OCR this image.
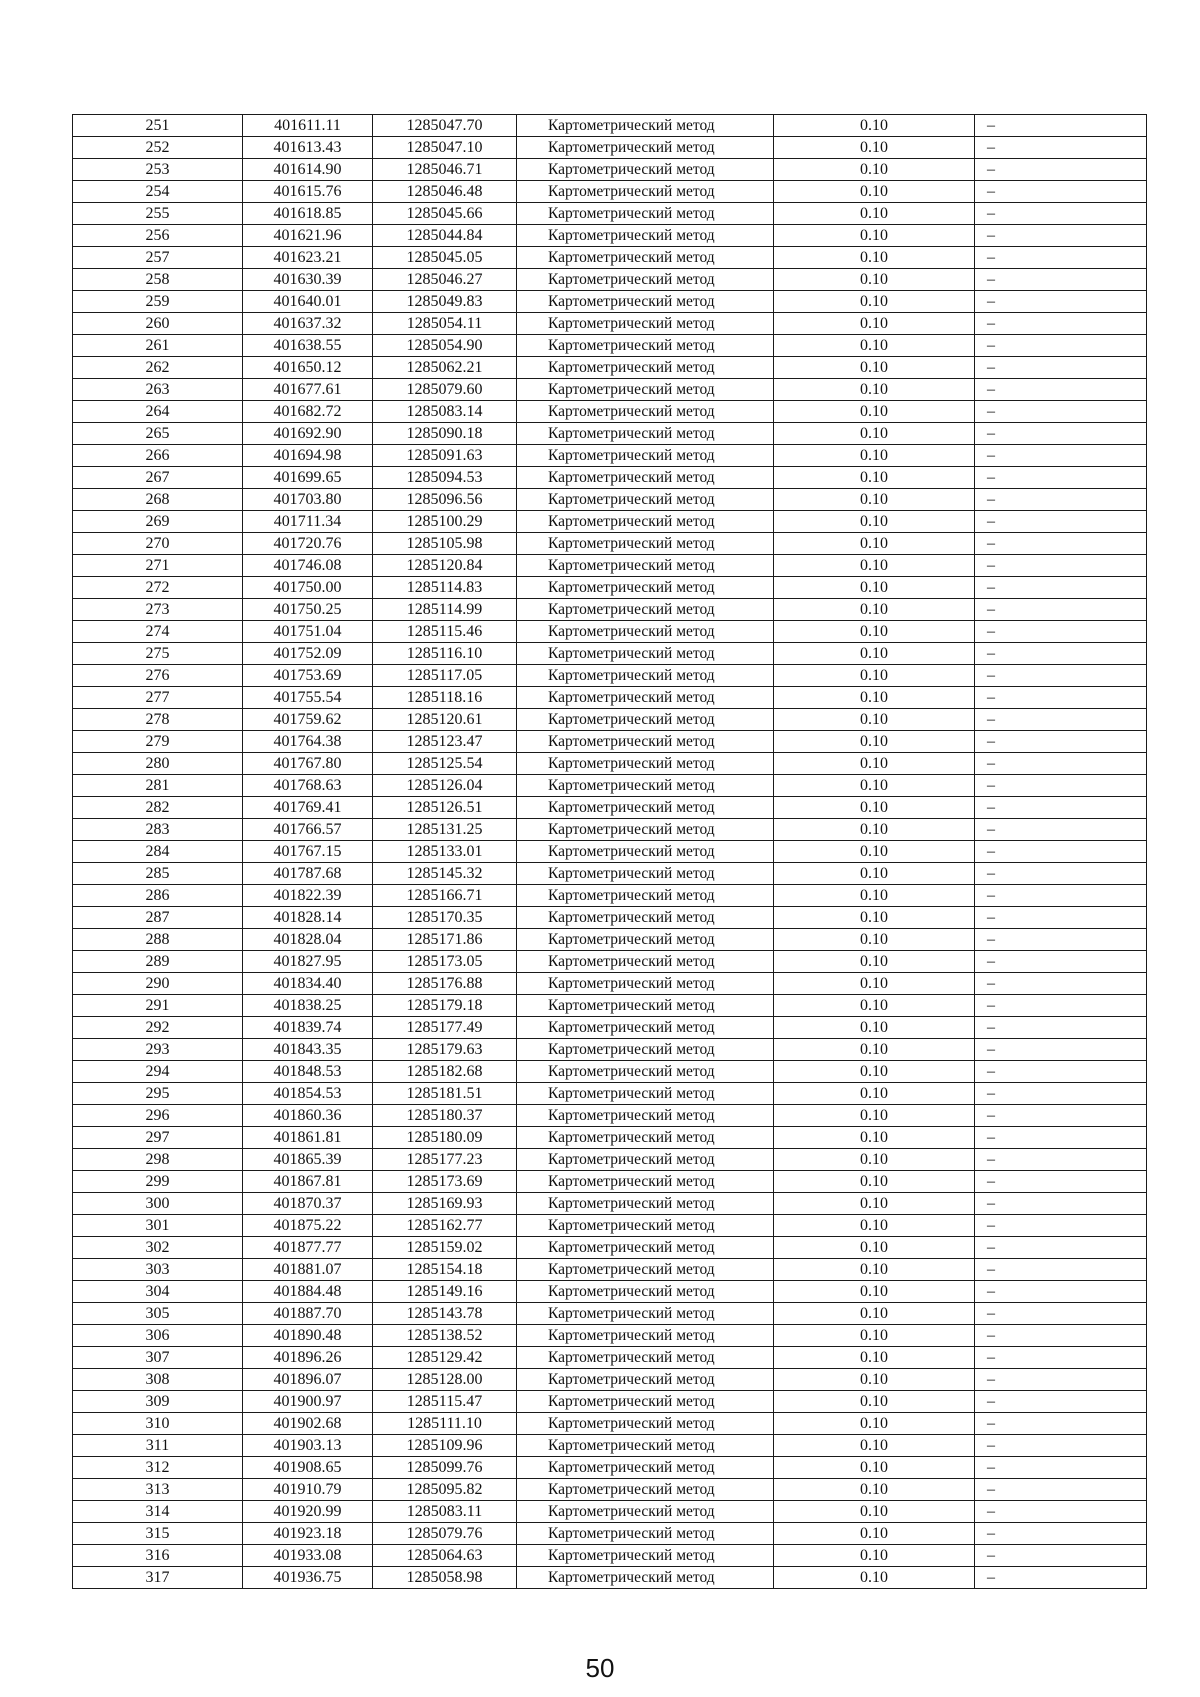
251	401611.11	1285047.70	Картометрический метод	0.10	–
252	401613.43	1285047.10	Картометрический метод	0.10	–
253	401614.90	1285046.71	Картометрический метод	0.10	–
254	401615.76	1285046.48	Картометрический метод	0.10	–
255	401618.85	1285045.66	Картометрический метод	0.10	–
256	401621.96	1285044.84	Картометрический метод	0.10	–
257	401623.21	1285045.05	Картометрический метод	0.10	–
258	401630.39	1285046.27	Картометрический метод	0.10	–
259	401640.01	1285049.83	Картометрический метод	0.10	–
260	401637.32	1285054.11	Картометрический метод	0.10	–
261	401638.55	1285054.90	Картометрический метод	0.10	–
262	401650.12	1285062.21	Картометрический метод	0.10	–
263	401677.61	1285079.60	Картометрический метод	0.10	–
264	401682.72	1285083.14	Картометрический метод	0.10	–
265	401692.90	1285090.18	Картометрический метод	0.10	–
266	401694.98	1285091.63	Картометрический метод	0.10	–
267	401699.65	1285094.53	Картометрический метод	0.10	–
268	401703.80	1285096.56	Картометрический метод	0.10	–
269	401711.34	1285100.29	Картометрический метод	0.10	–
270	401720.76	1285105.98	Картометрический метод	0.10	–
271	401746.08	1285120.84	Картометрический метод	0.10	–
272	401750.00	1285114.83	Картометрический метод	0.10	–
273	401750.25	1285114.99	Картометрический метод	0.10	–
274	401751.04	1285115.46	Картометрический метод	0.10	–
275	401752.09	1285116.10	Картометрический метод	0.10	–
276	401753.69	1285117.05	Картометрический метод	0.10	–
277	401755.54	1285118.16	Картометрический метод	0.10	–
278	401759.62	1285120.61	Картометрический метод	0.10	–
279	401764.38	1285123.47	Картометрический метод	0.10	–
280	401767.80	1285125.54	Картометрический метод	0.10	–
281	401768.63	1285126.04	Картометрический метод	0.10	–
282	401769.41	1285126.51	Картометрический метод	0.10	–
283	401766.57	1285131.25	Картометрический метод	0.10	–
284	401767.15	1285133.01	Картометрический метод	0.10	–
285	401787.68	1285145.32	Картометрический метод	0.10	–
286	401822.39	1285166.71	Картометрический метод	0.10	–
287	401828.14	1285170.35	Картометрический метод	0.10	–
288	401828.04	1285171.86	Картометрический метод	0.10	–
289	401827.95	1285173.05	Картометрический метод	0.10	–
290	401834.40	1285176.88	Картометрический метод	0.10	–
291	401838.25	1285179.18	Картометрический метод	0.10	–
292	401839.74	1285177.49	Картометрический метод	0.10	–
293	401843.35	1285179.63	Картометрический метод	0.10	–
294	401848.53	1285182.68	Картометрический метод	0.10	–
295	401854.53	1285181.51	Картометрический метод	0.10	–
296	401860.36	1285180.37	Картометрический метод	0.10	–
297	401861.81	1285180.09	Картометрический метод	0.10	–
298	401865.39	1285177.23	Картометрический метод	0.10	–
299	401867.81	1285173.69	Картометрический метод	0.10	–
300	401870.37	1285169.93	Картометрический метод	0.10	–
301	401875.22	1285162.77	Картометрический метод	0.10	–
302	401877.77	1285159.02	Картометрический метод	0.10	–
303	401881.07	1285154.18	Картометрический метод	0.10	–
304	401884.48	1285149.16	Картометрический метод	0.10	–
305	401887.70	1285143.78	Картометрический метод	0.10	–
306	401890.48	1285138.52	Картометрический метод	0.10	–
307	401896.26	1285129.42	Картометрический метод	0.10	–
308	401896.07	1285128.00	Картометрический метод	0.10	–
309	401900.97	1285115.47	Картометрический метод	0.10	–
310	401902.68	1285111.10	Картометрический метод	0.10	–
311	401903.13	1285109.96	Картометрический метод	0.10	–
312	401908.65	1285099.76	Картометрический метод	0.10	–
313	401910.79	1285095.82	Картометрический метод	0.10	–
314	401920.99	1285083.11	Картометрический метод	0.10	–
315	401923.18	1285079.76	Картометрический метод	0.10	–
316	401933.08	1285064.63	Картометрический метод	0.10	–
317	401936.75	1285058.98	Картометрический метод	0.10	–
50
